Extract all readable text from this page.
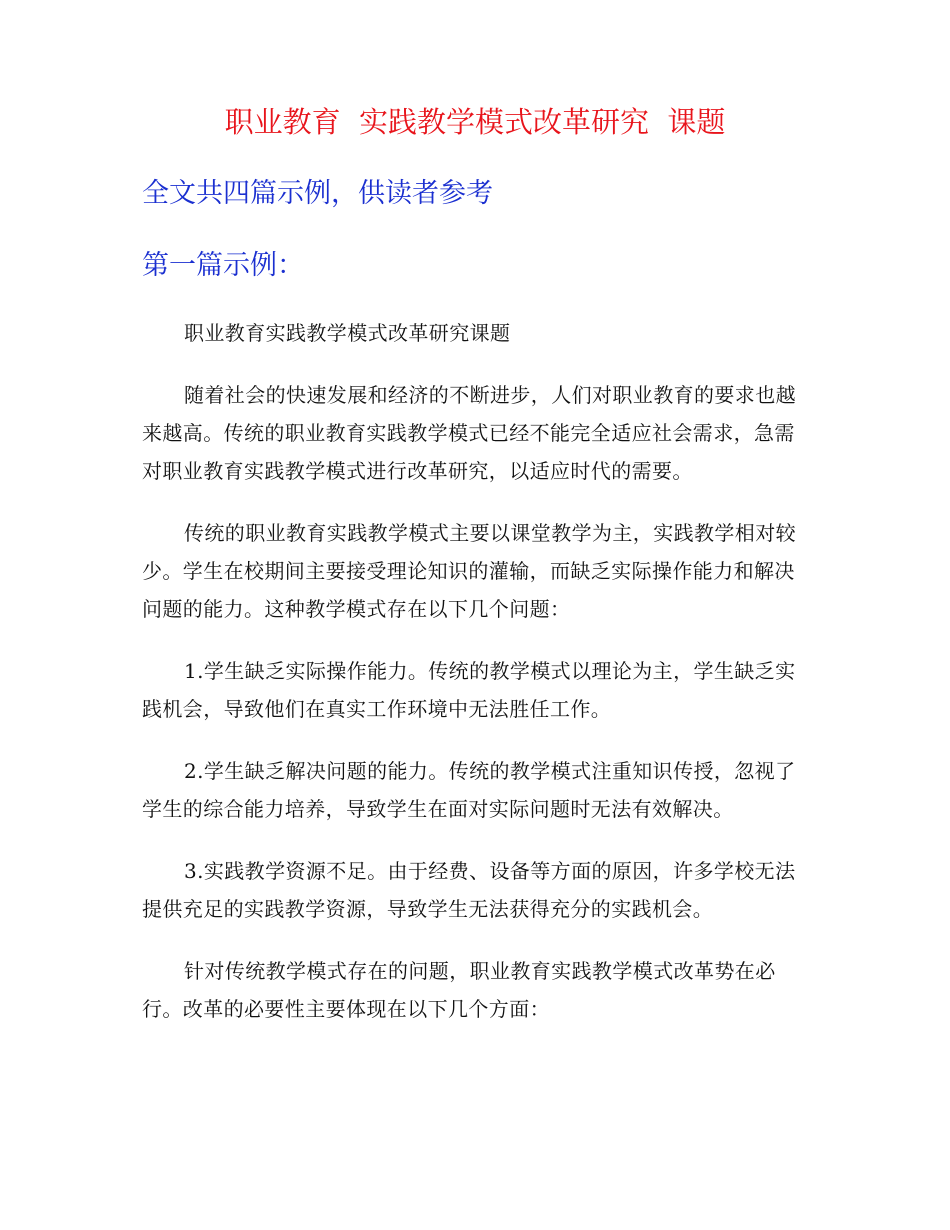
职业教育  实践教学模式改革研究  课题
全文共四篇示例，供读者参考
第一篇示例：

职业教育实践教学模式改革研究课题

随着社会的快速发展和经济的不断进步，人们对职业教育的要求也越来越高。传统的职业教育实践教学模式已经不能完全适应社会需求，急需对职业教育实践教学模式进行改革研究，以适应时代的需要。

传统的职业教育实践教学模式主要以课堂教学为主，实践教学相对较少。学生在校期间主要接受理论知识的灌输，而缺乏实际操作能力和解决问题的能力。这种教学模式存在以下几个问题：

1.学生缺乏实际操作能力。传统的教学模式以理论为主，学生缺乏实践机会，导致他们在真实工作环境中无法胜任工作。

2.学生缺乏解决问题的能力。传统的教学模式注重知识传授，忽视了学生的综合能力培养，导致学生在面对实际问题时无法有效解决。

3.实践教学资源不足。由于经费、设备等方面的原因，许多学校无法提供充足的实践教学资源，导致学生无法获得充分的实践机会。

针对传统教学模式存在的问题，职业教育实践教学模式改革势在必行。改革的必要性主要体现在以下几个方面：
